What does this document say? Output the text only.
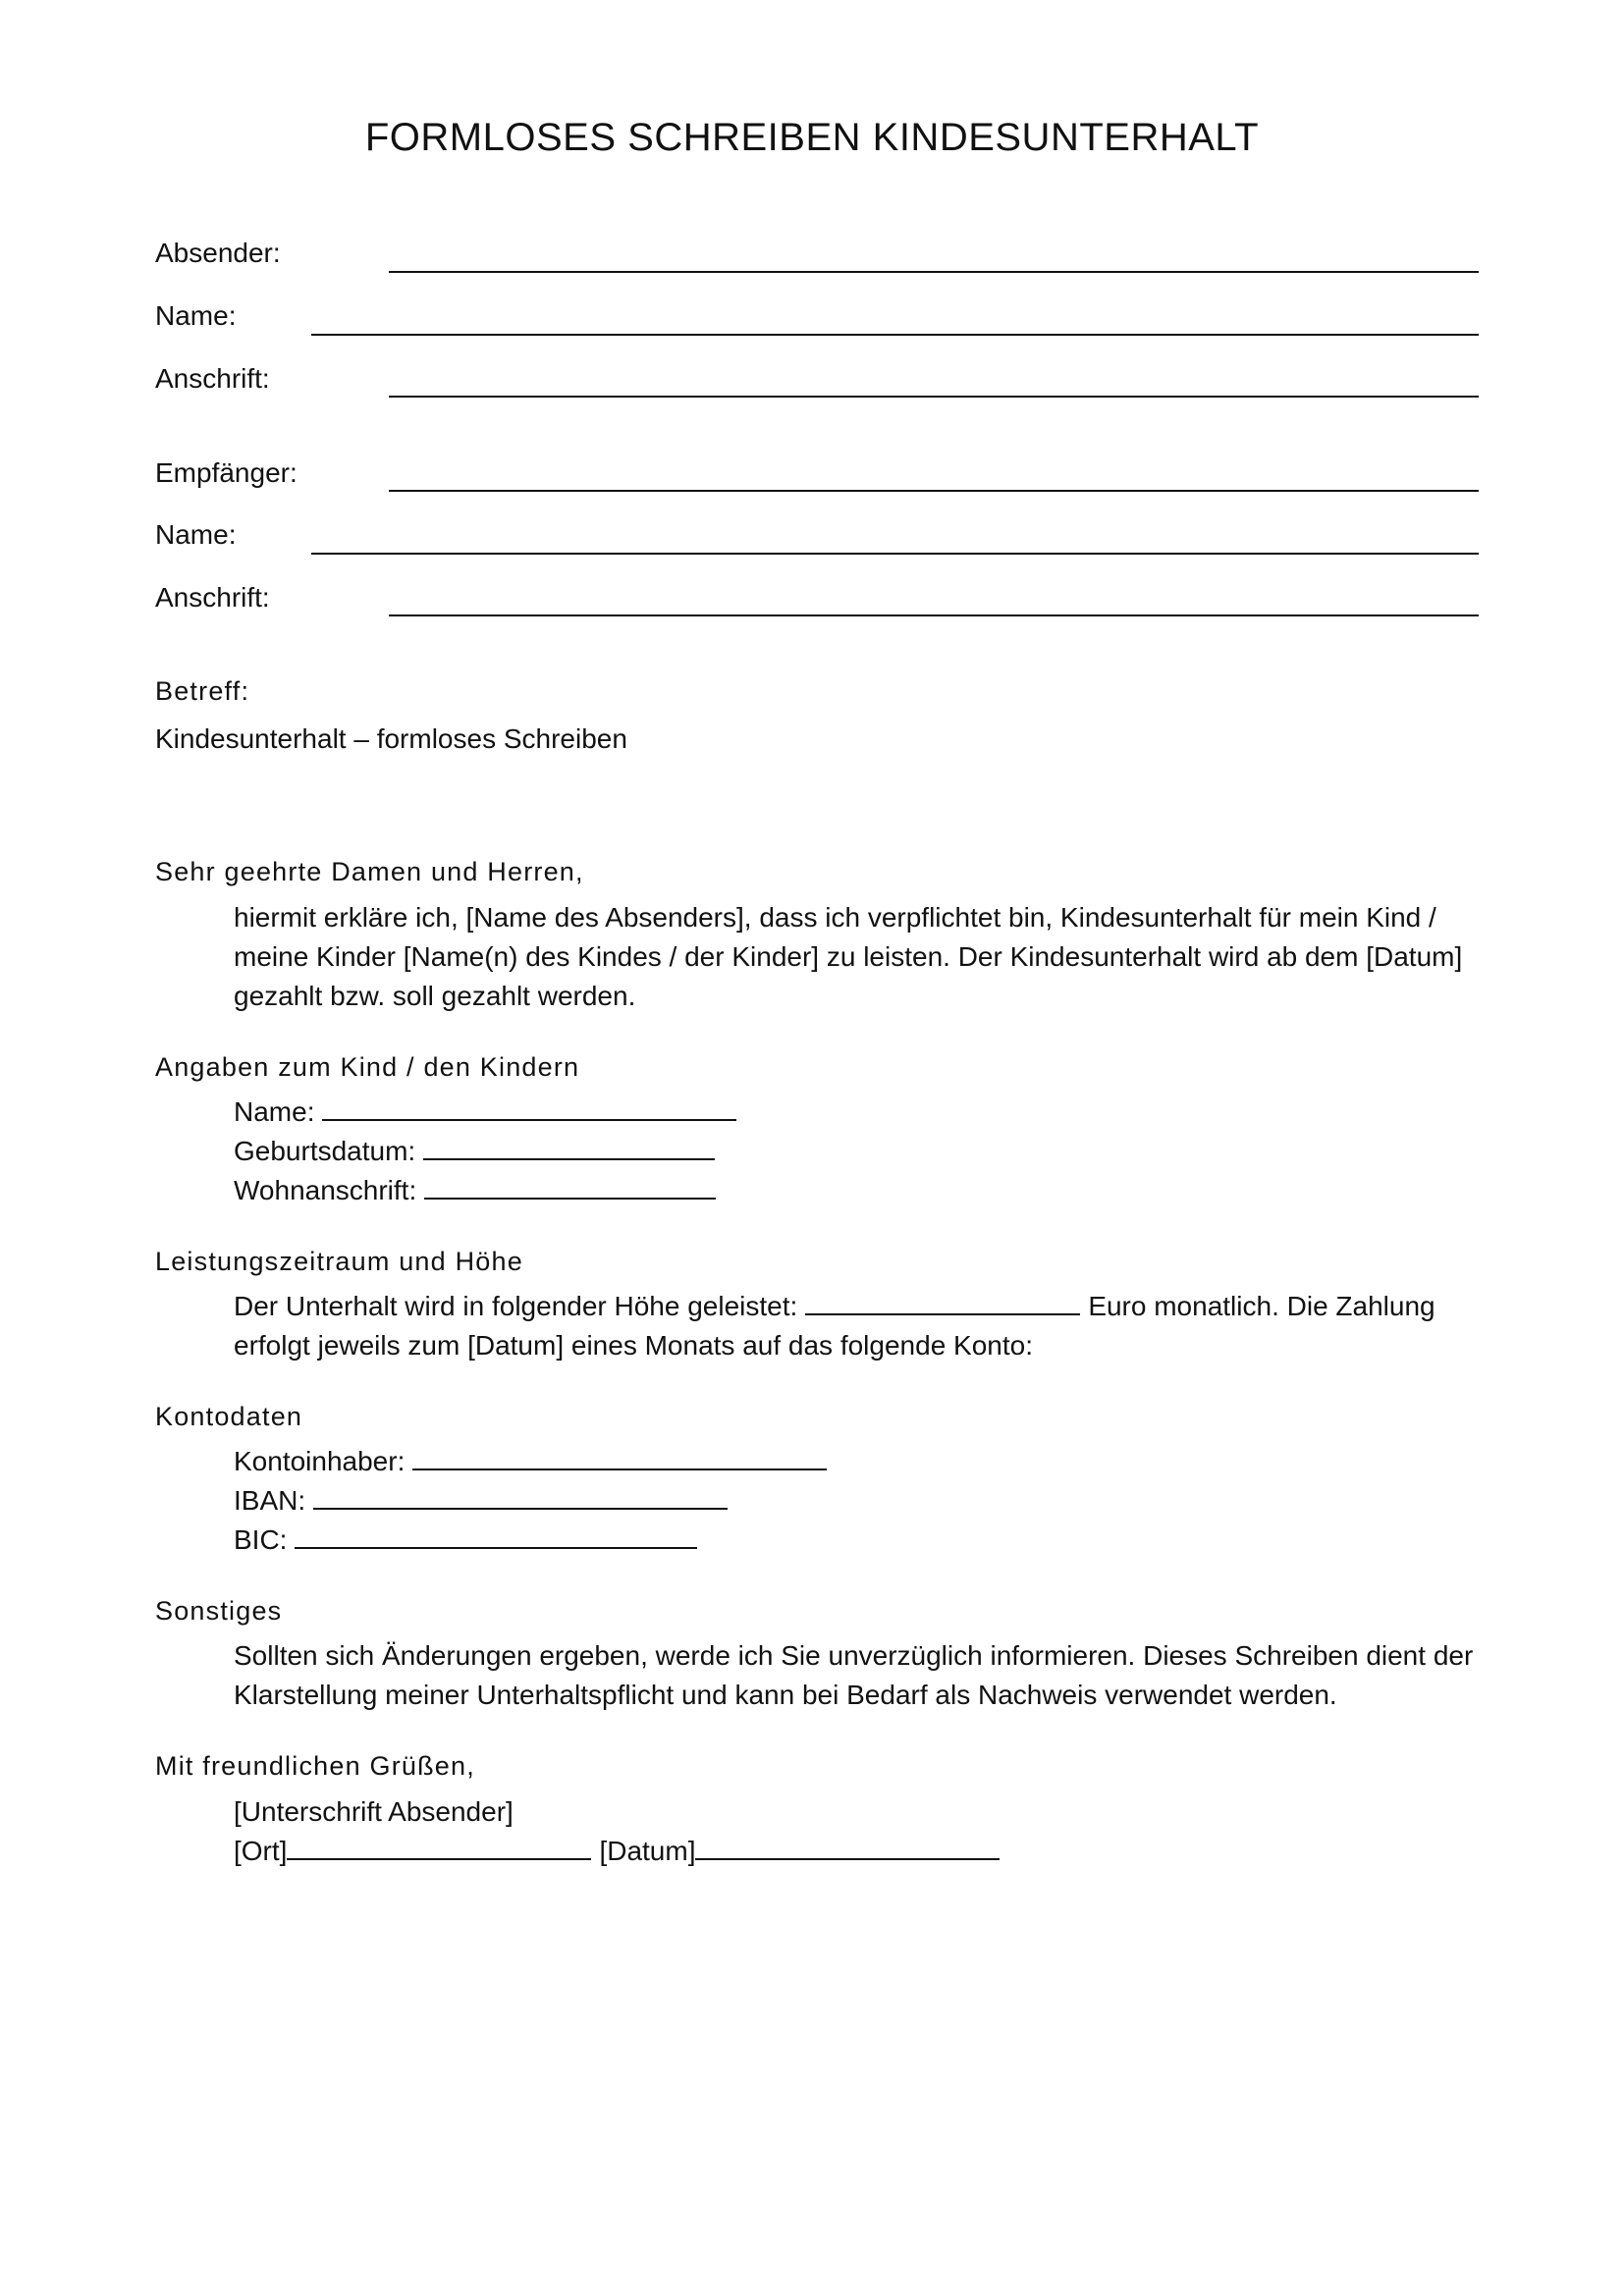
FORMLOSES SCHREIBEN KINDESUNTERHALT
Absender:
Name:
Anschrift:
Empfänger:
Name:
Anschrift:
Betreff:
Kindesunterhalt – formloses Schreiben
Sehr geehrte Damen und Herren,
hiermit erkläre ich, [Name des Absenders], dass ich verpflichtet bin, Kindesunterhalt für mein Kind / meine Kinder [Name(n) des Kindes / der Kinder] zu leisten. Der Kindesunterhalt wird ab dem [Datum] gezahlt bzw. soll gezahlt werden.
Angaben zum Kind / den Kindern
Name:
Geburtsdatum:
Wohnanschrift:
Leistungszeitraum und Höhe
Der Unterhalt wird in folgender Höhe geleistet:	Euro monatlich. Die Zahlung
erfolgt jeweils zum [Datum] eines Monats auf das folgende Konto:
Kontodaten
Kontoinhaber:
IBAN:
BIC:
Sonstiges
Sollten sich Änderungen ergeben, werde ich Sie unverzüglich informieren. Dieses Schreiben dient der Klarstellung meiner Unterhaltspflicht und kann bei Bedarf als Nachweis verwendet werden.
Mit freundlichen Grüßen,
[Unterschrift Absender]
[Ort]	[Datum]
